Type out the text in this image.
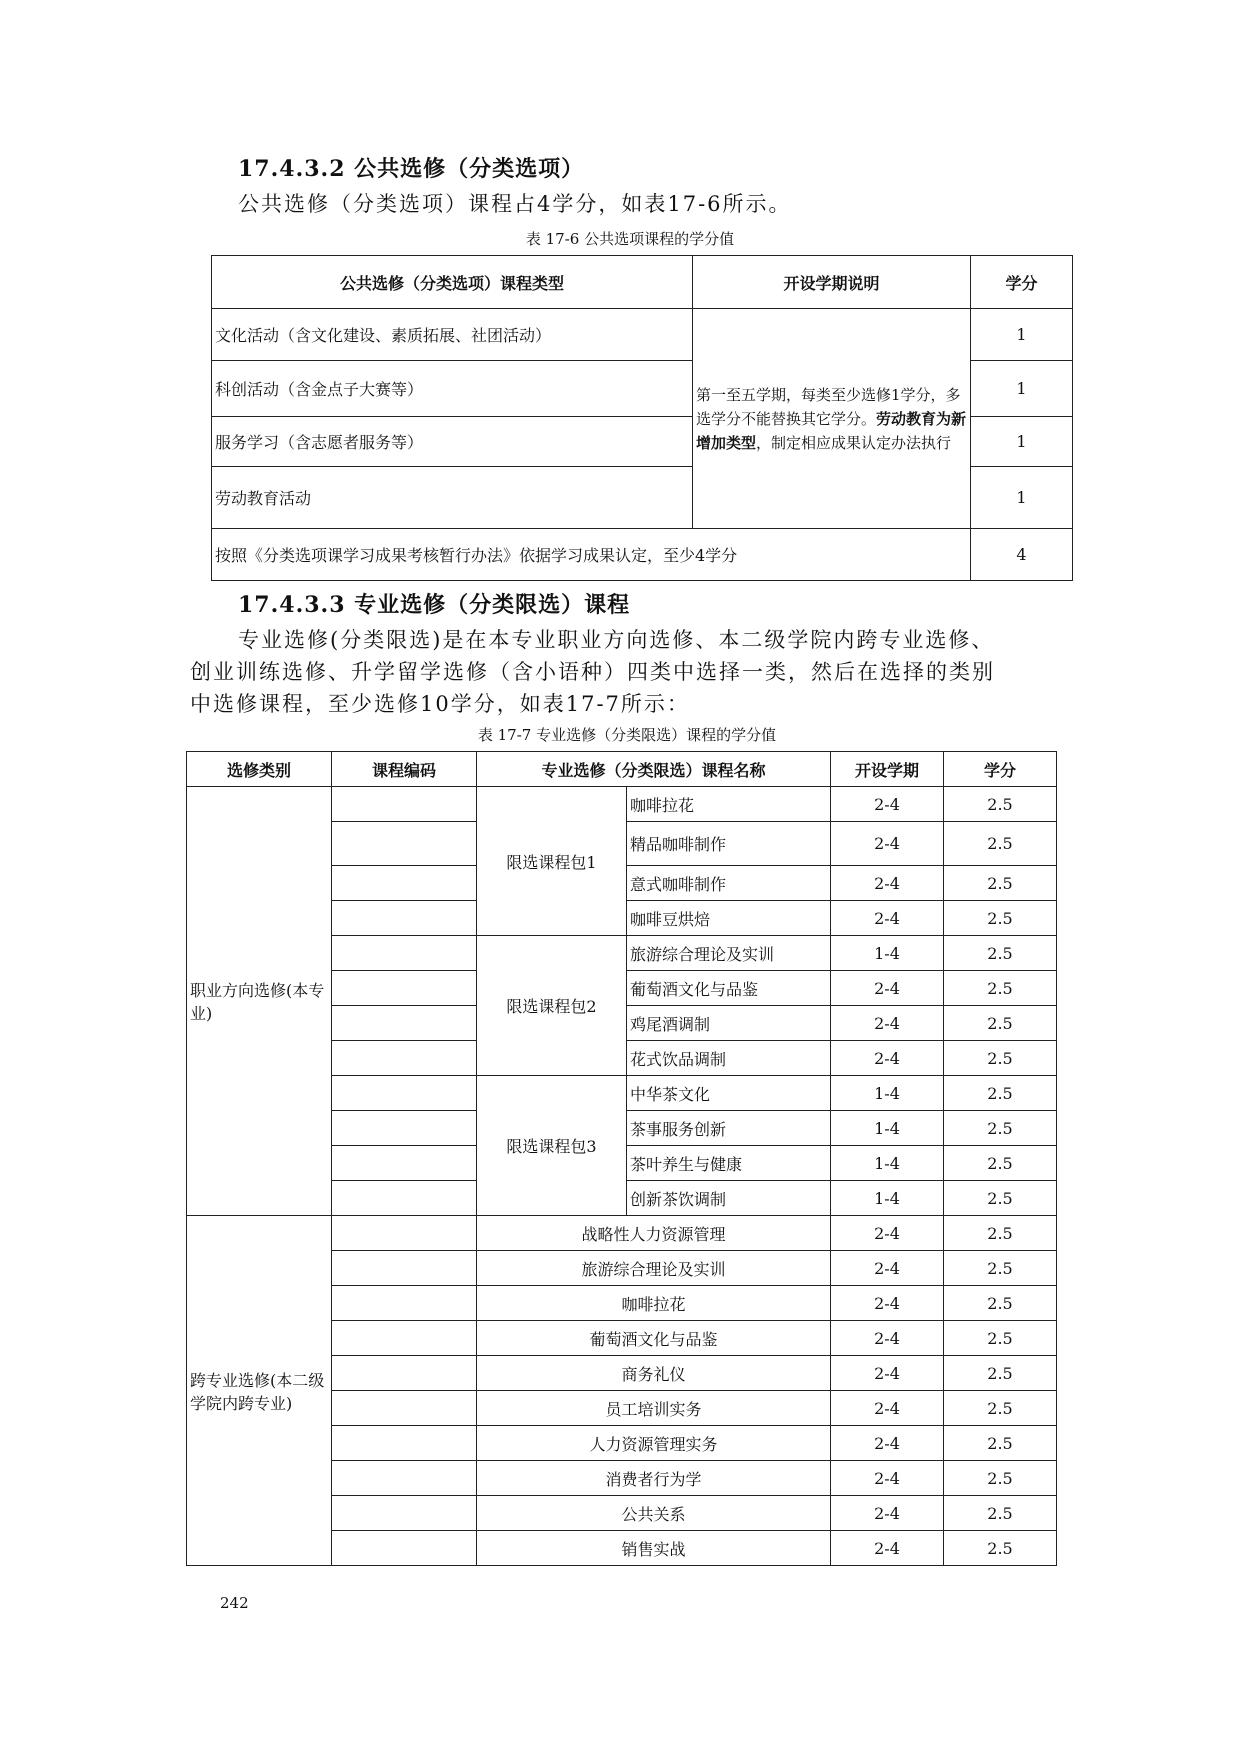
17.4.3.2 公共选修（分类选项）
公共选修（分类选项）课程占4学分，如表17-6所示。
表 17-6 公共选项课程的学分值
公共选修（分类选项）课程类型	开设学期说明	学分
文化活动（含文化建设、素质拓展、社团活动）	第一至五学期，每类至少选修1学分，多选学分不能替换其它学分。劳动教育为新增加类型，制定相应成果认定办法执行	1
科创活动（含金点子大赛等）		1
服务学习（含志愿者服务等）		1
劳动教育活动		1
按照《分类选项课学习成果考核暂行办法》依据学习成果认定，至少4学分		4
17.4.3.3 专业选修（分类限选）课程
专业选修(分类限选)是在本专业职业方向选修、本二级学院内跨专业选修、
创业训练选修、升学留学选修（含小语种）四类中选择一类，然后在选择的类别
中选修课程，至少选修10学分，如表17-7所示：
表 17-7 专业选修（分类限选）课程的学分值
选修类别	课程编码	专业选修（分类限选）课程名称		开设学期	学分
职业方向选修(本专业)		限选课程包1	咖啡拉花	2-4	2.5
			精品咖啡制作	2-4	2.5
			意式咖啡制作	2-4	2.5
			咖啡豆烘焙	2-4	2.5
		限选课程包2	旅游综合理论及实训	1-4	2.5
			葡萄酒文化与品鉴	2-4	2.5
			鸡尾酒调制	2-4	2.5
			花式饮品调制	2-4	2.5
		限选课程包3	中华茶文化	1-4	2.5
			茶事服务创新	1-4	2.5
			茶叶养生与健康	1-4	2.5
			创新茶饮调制	1-4	2.5
跨专业选修(本二级学院内跨专业)		战略性人力资源管理		2-4	2.5
		旅游综合理论及实训		2-4	2.5
		咖啡拉花		2-4	2.5
		葡萄酒文化与品鉴		2-4	2.5
		商务礼仪		2-4	2.5
		员工培训实务		2-4	2.5
		人力资源管理实务		2-4	2.5
		消费者行为学		2-4	2.5
		公共关系		2-4	2.5
		销售实战		2-4	2.5
242
